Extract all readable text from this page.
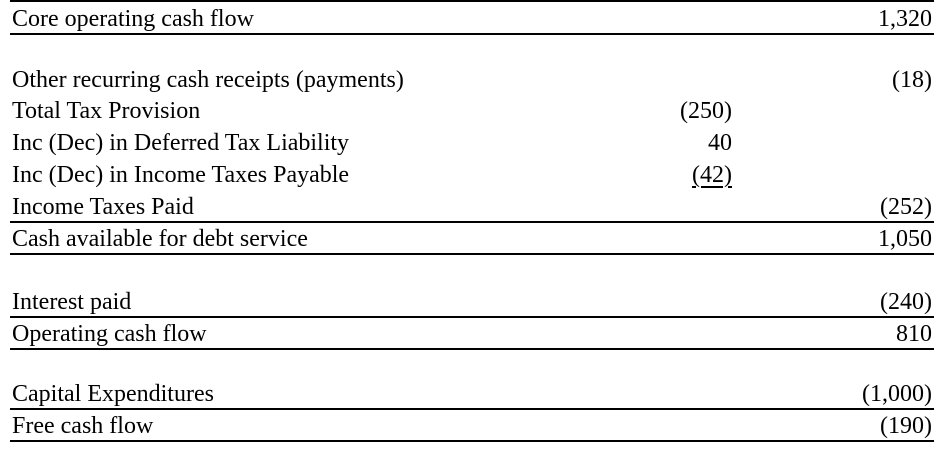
Core operating cash flow	1,320
Other recurring cash receipts (payments)	(18)
Total Tax Provision	(250)
Inc (Dec) in Deferred Tax Liability	40
Inc (Dec) in Income Taxes Payable	(42)
Income Taxes Paid	(252)
Cash available for debt service	1,050
Interest paid	(240)
Operating cash flow	810
Capital Expenditures	(1,000)
Free cash flow	(190)
